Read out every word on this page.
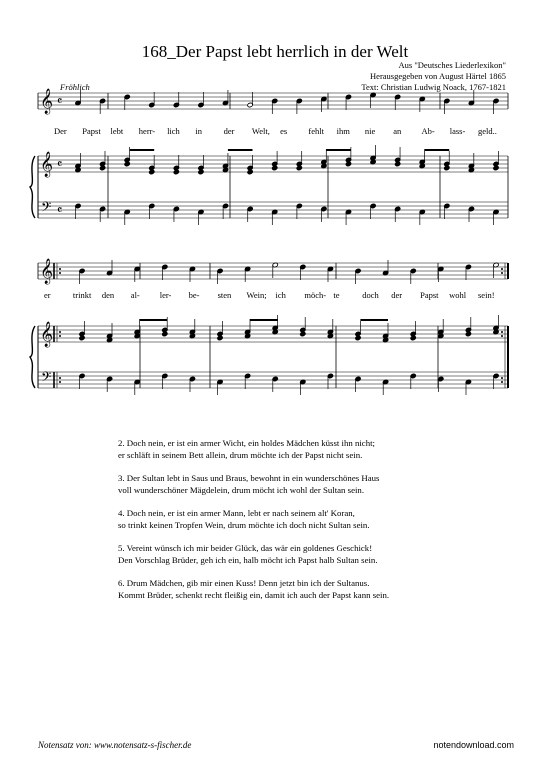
168_Der Papst lebt herrlich in der Welt
Aus "Deutsches Liederlexikon"
Herausgegeben von August Härtel 1865
Text: Christian Ludwig Noack, 1767-1821
Fröhlich
𝄞
𝄞
𝄢
𝄴
𝄴
𝄴
Der Papst lebt herr- lich in	der Welt, es fehlt ihm nie an Ab- lass- geld..
𝄞
𝄞
𝄢
er	trinkt den al- ler- be- sten Wein; ich möch- te	doch der Papst wohl sein!

2. Doch nein, er ist ein armer Wicht, ein holdes Mädchen küsst ihn nicht;
er schläft in seinem Bett allein, drum möchte ich der Papst nicht sein.

3. Der Sultan lebt in Saus und Braus, bewohnt in ein wunderschönes Haus
voll wunderschöner Mägdelein, drum möcht ich wohl der Sultan sein.

4. Doch nein, er ist ein armer Mann, lebt er nach seinem alt' Koran,
so trinkt keinen Tropfen Wein, drum möchte ich doch nicht Sultan sein.

5. Vereint wünsch ich mir beider Glück, das wär ein goldenes Geschick!
Den Vorschlag Brüder, geh ich ein, halb möcht ich Papst halb Sultan sein.

6. Drum Mädchen, gib mir einen Kuss! Denn jetzt bin ich der Sultanus.
Kommt Brüder, schenkt recht fleißig ein, damit ich auch der Papst kann sein.

Notensatz von: www.notensatz-s-fischer.de	notendownload.com
